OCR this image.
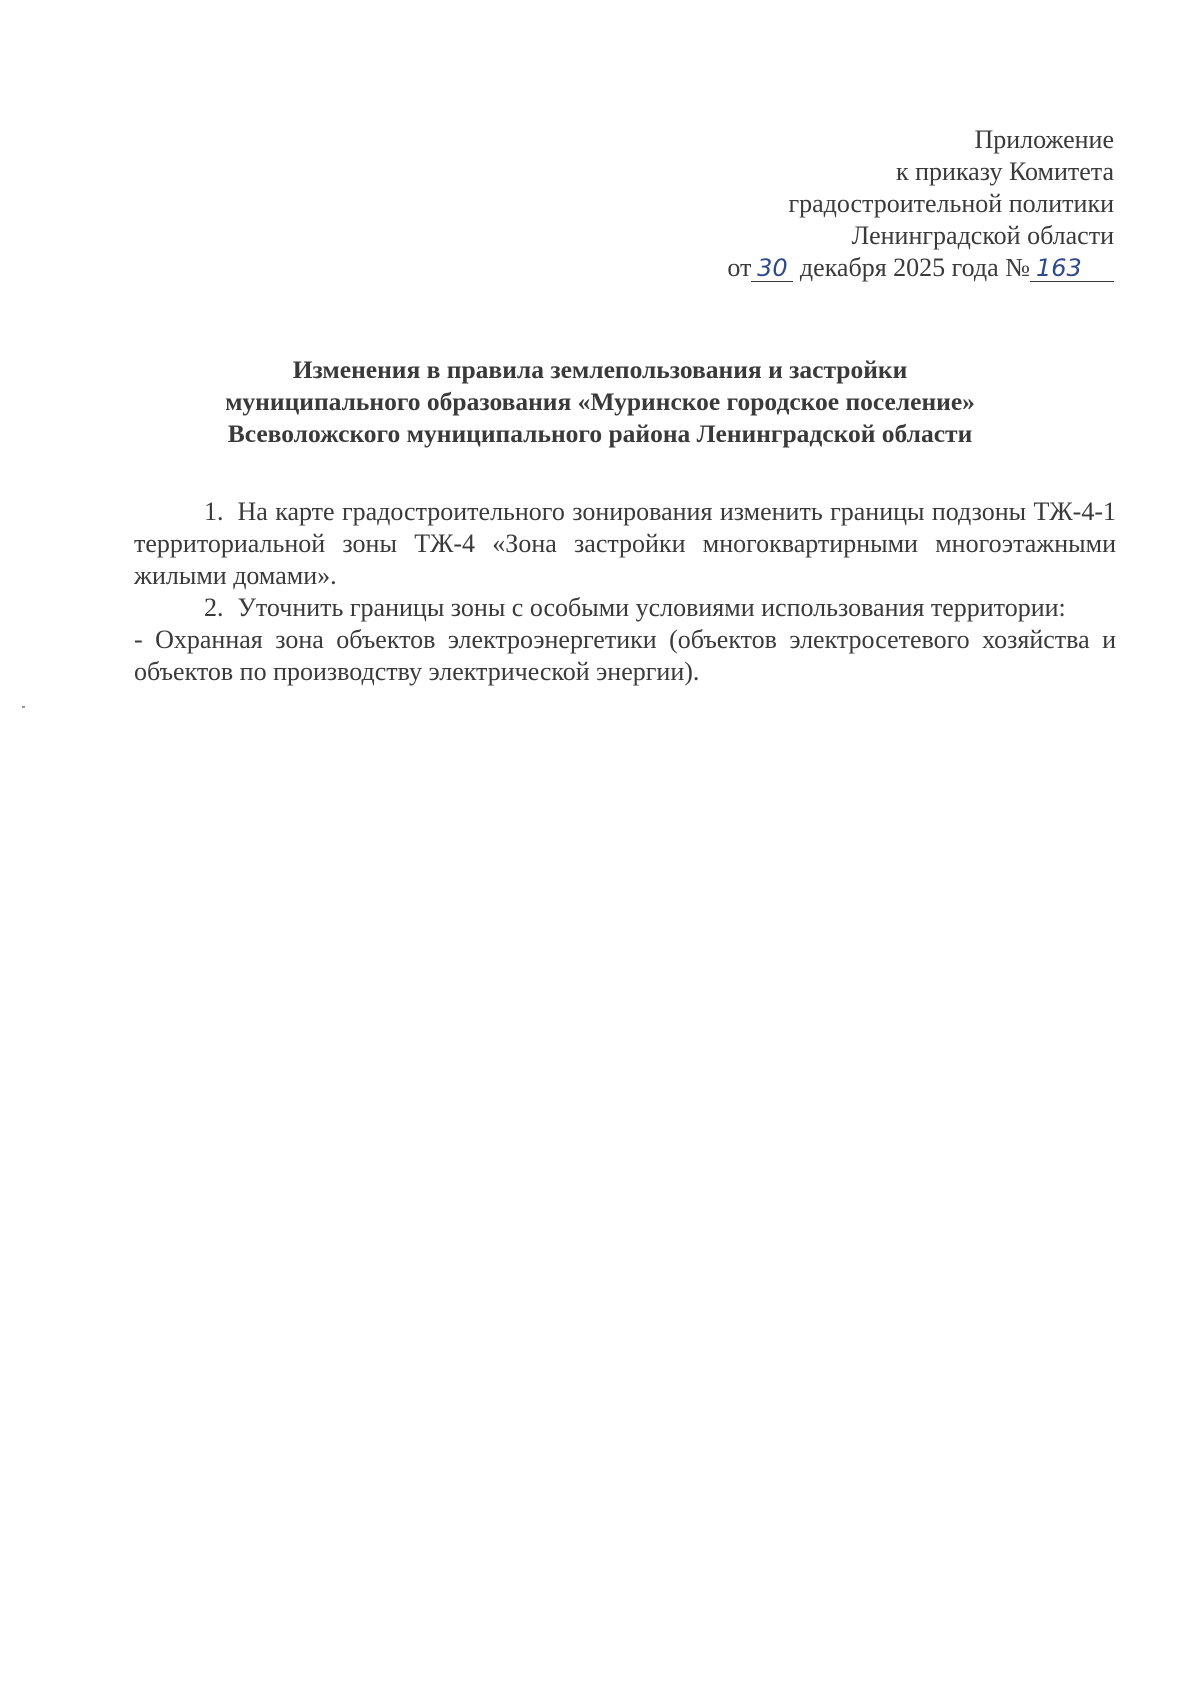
Приложение
к приказу Комитета
градостроительной политики
Ленинградской области
от 30 декабря 2025 года № 163
Изменения в правила землепользования и застройки
муниципального образования «Муринское городское поселение»
Всеволожского муниципального района Ленинградской области

1. На карте градостроительного зонирования изменить границы подзоны ТЖ-4-1 территориальной зоны ТЖ-4 «Зона застройки многоквартирными многоэтажными жилыми домами».

2. Уточнить границы зоны с особыми условиями использования территории:

- Охранная зона объектов электроэнергетики (объектов электросетевого хозяйства и объектов по производству электрической энергии).
